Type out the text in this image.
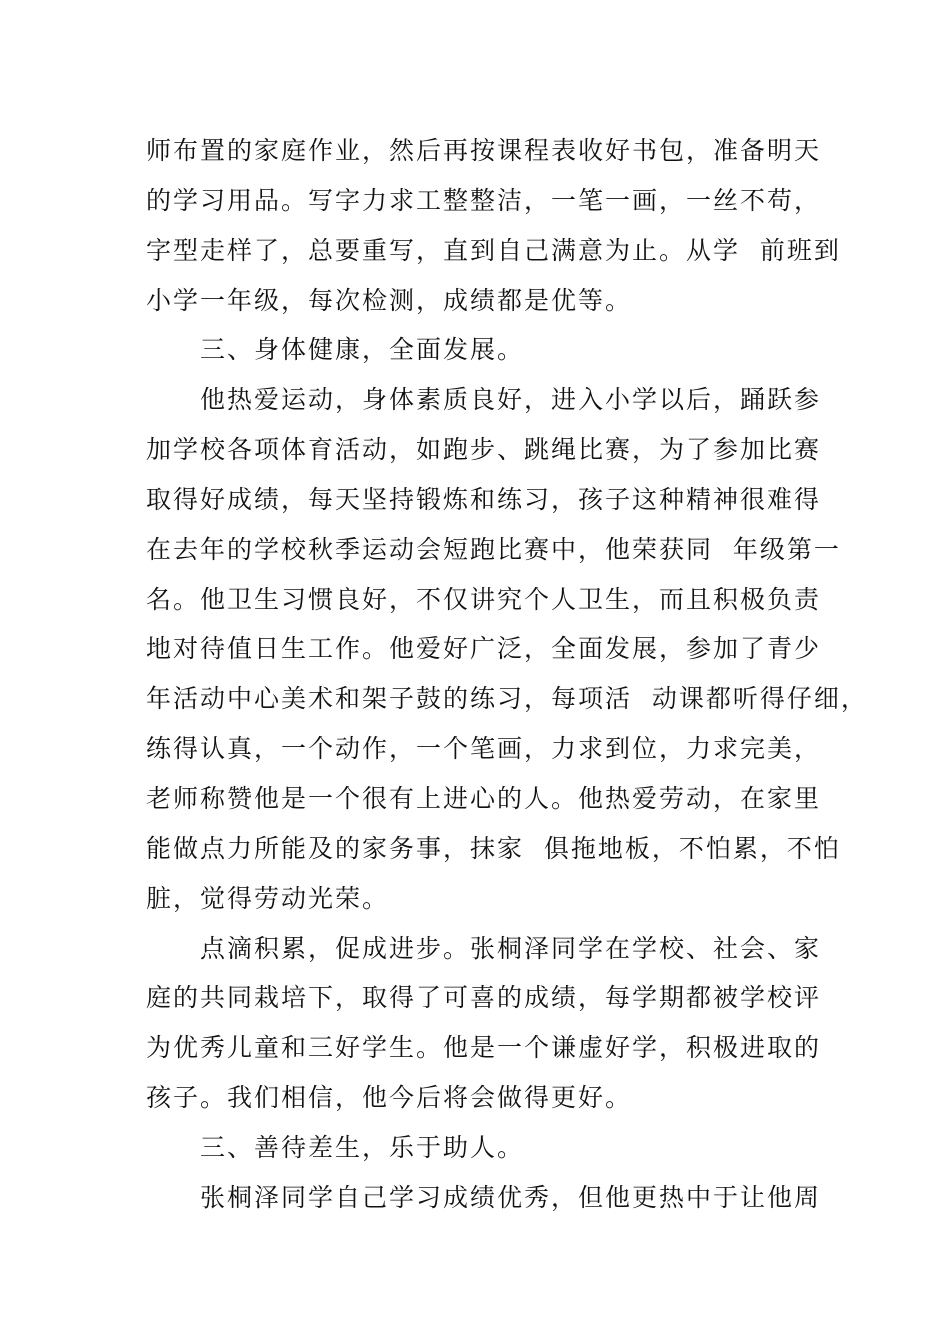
师布置的家庭作业，然后再按课程表收好书包，准备明天
的学习用品。写字力求工整整洁，一笔一画，一丝不苟，
字型走样了，总要重写，直到自己满意为止。从学  前班到
小学一年级，每次检测，成绩都是优等。
三、身体健康，全面发展。
他热爱运动，身体素质良好，进入小学以后，踊跃参
加学校各项体育活动，如跑步、跳绳比赛，为了参加比赛
取得好成绩，每天坚持锻炼和练习，孩子这种精神很难得
在去年的学校秋季运动会短跑比赛中，他荣获同  年级第一
名。他卫生习惯良好，不仅讲究个人卫生，而且积极负责
地对待值日生工作。他爱好广泛，全面发展，参加了青少
年活动中心美术和架子鼓的练习，每项活  动课都听得仔细，
练得认真，一个动作，一个笔画，力求到位，力求完美，
老师称赞他是一个很有上进心的人。他热爱劳动，在家里
能做点力所能及的家务事，抹家  俱拖地板，不怕累，不怕
脏，觉得劳动光荣。
点滴积累，促成进步。张桐泽同学在学校、社会、家
庭的共同栽培下，取得了可喜的成绩，每学期都被学校评
为优秀儿童和三好学生。他是一个谦虚好学，积极进取的
孩子。我们相信，他今后将会做得更好。
三、善待差生，乐于助人。
张桐泽同学自己学习成绩优秀，但他更热中于让他周
